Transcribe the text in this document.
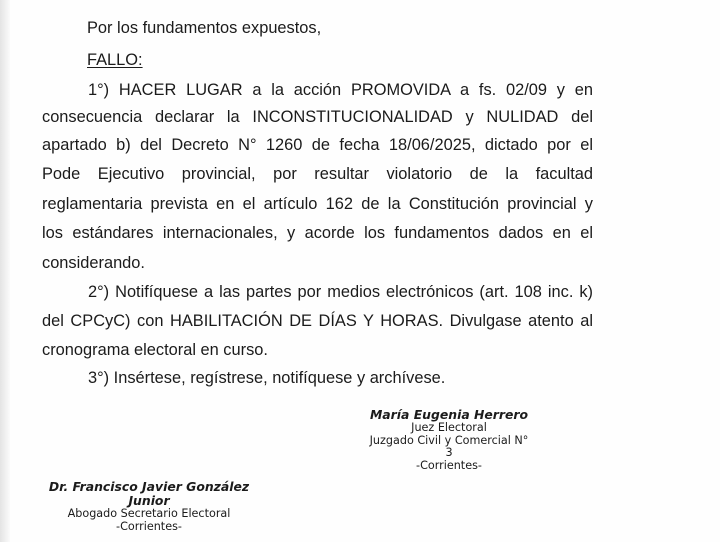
Por los fundamentos expuestos,
FALLO:
1°) HACER LUGAR a la acción PROMOVIDA a fs. 02/09 y en
consecuencia declarar la INCONSTITUCIONALIDAD y NULIDAD del
apartado b) del Decreto N° 1260 de fecha 18/06/2025, dictado por el
Pode Ejecutivo provincial, por resultar violatorio de la facultad
reglamentaria prevista en el artículo 162 de la Constitución provincial y
los estándares internacionales, y acorde los fundamentos dados en el
considerando.
2°) Notifíquese a las partes por medios electrónicos (art. 108 inc. k)
del CPCyC) con HABILITACIÓN DE DÍAS Y HORAS. Divulgase atento al
cronograma electoral en curso.
3°) Insértese, regístrese, notifíquese y archívese.
María Eugenia Herrero
Juez Electoral
Juzgado Civil y Comercial N°
3
-Corrientes-
Dr. Francisco Javier González
Junior
Abogado Secretario Electoral
-Corrientes-
